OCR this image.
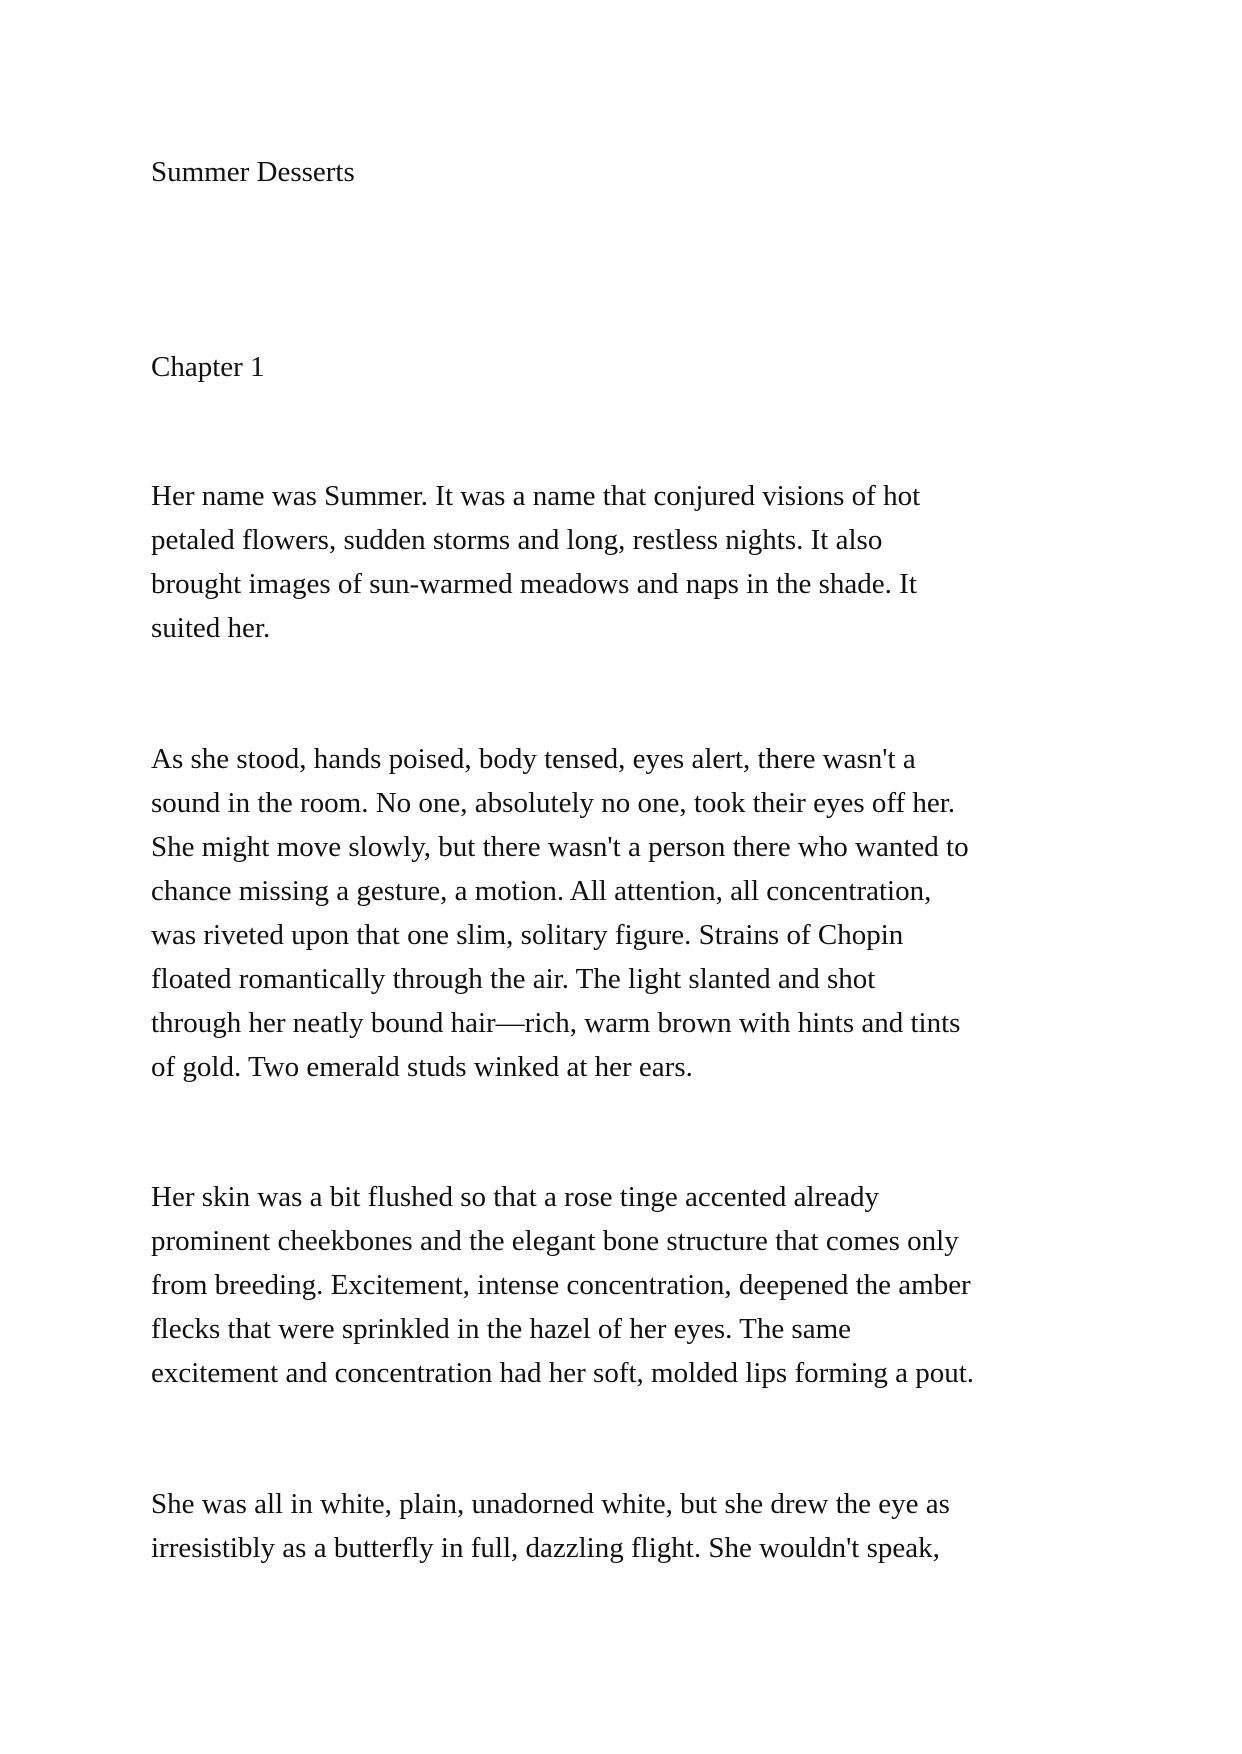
Summer Desserts

Chapter 1

Her name was Summer. It was a name that conjured visions of hot
petaled flowers, sudden storms and long, restless nights. It also
brought images of sun-warmed meadows and naps in the shade. It
suited her.

As she stood, hands poised, body tensed, eyes alert, there wasn't a
sound in the room. No one, absolutely no one, took their eyes off her.
She might move slowly, but there wasn't a person there who wanted to
chance missing a gesture, a motion. All attention, all concentration,
was riveted upon that one slim, solitary figure. Strains of Chopin
floated romantically through the air. The light slanted and shot
through her neatly bound hair—rich, warm brown with hints and tints
of gold. Two emerald studs winked at her ears.

Her skin was a bit flushed so that a rose tinge accented already
prominent cheekbones and the elegant bone structure that comes only
from breeding. Excitement, intense concentration, deepened the amber
flecks that were sprinkled in the hazel of her eyes. The same
excitement and concentration had her soft, molded lips forming a pout.

She was all in white, plain, unadorned white, but she drew the eye as
irresistibly as a butterfly in full, dazzling flight. She wouldn't speak,
